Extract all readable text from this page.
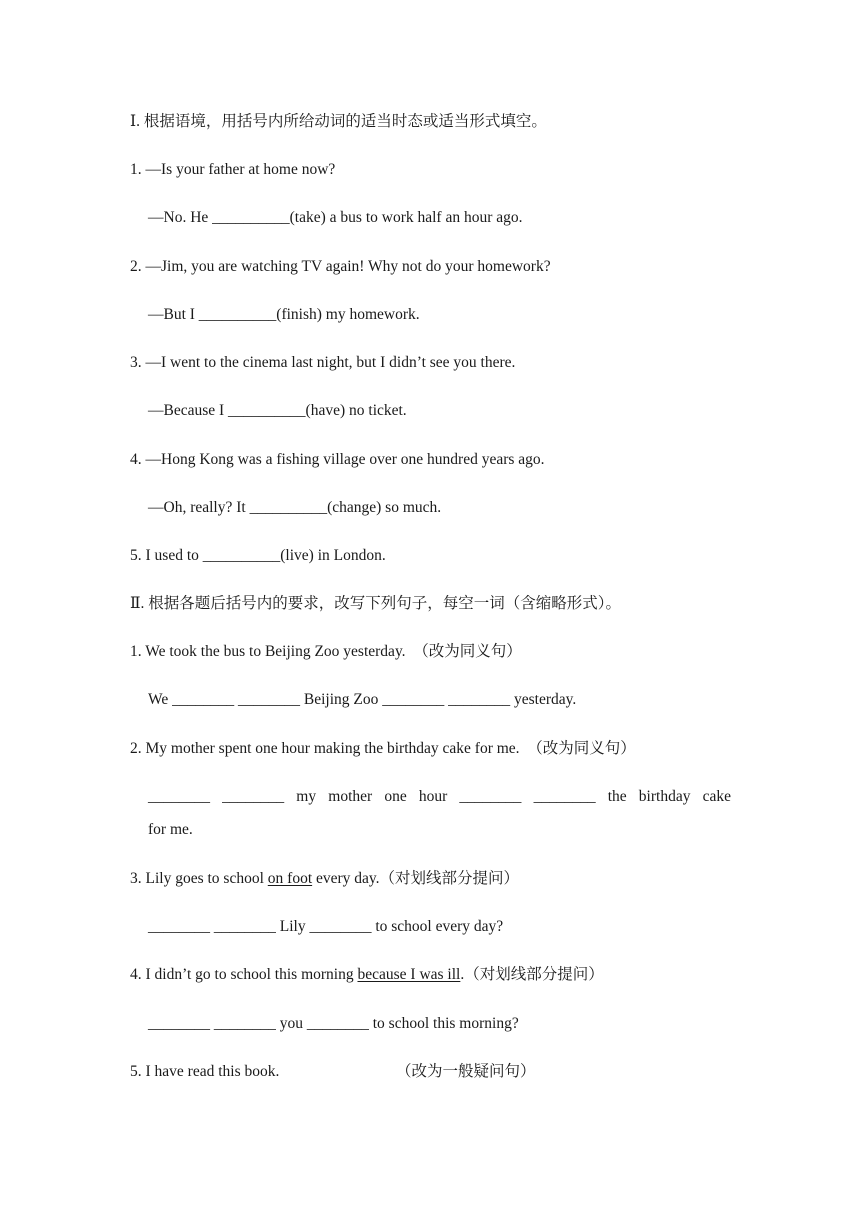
Ⅰ. 根据语境，用括号内所给动词的适当时态或适当形式填空。
1. —Is your father at home now?
—No. He __________(take) a bus to work half an hour ago.
2. —Jim, you are watching TV again! Why not do your homework?
—But I __________(finish) my homework.
3. —I went to the cinema last night, but I didn’t see you there.
—Because I __________(have) no ticket.
4. —Hong Kong was a fishing village over one hundred years ago.
—Oh, really? It __________(change) so much.
5. I used to __________(live) in London.
Ⅱ. 根据各题后括号内的要求，改写下列句子，每空一词（含缩略形式）。
1. We took the bus to Beijing Zoo yesterday.  （改为同义句）
We ________ ________ Beijing Zoo ________ ________ yesterday.
2. My mother spent one hour making the birthday cake for me.  （改为同义句）
________ ________ my mother one hour ________ ________ the birthday cake
for me.
3. Lily goes to school on foot every day.（对划线部分提问）
________ ________ Lily ________ to school every day?
4. I didn’t go to school this morning because I was ill.（对划线部分提问）
________ ________ you ________ to school this morning?
5. I have read this book.	（改为一般疑问句）
